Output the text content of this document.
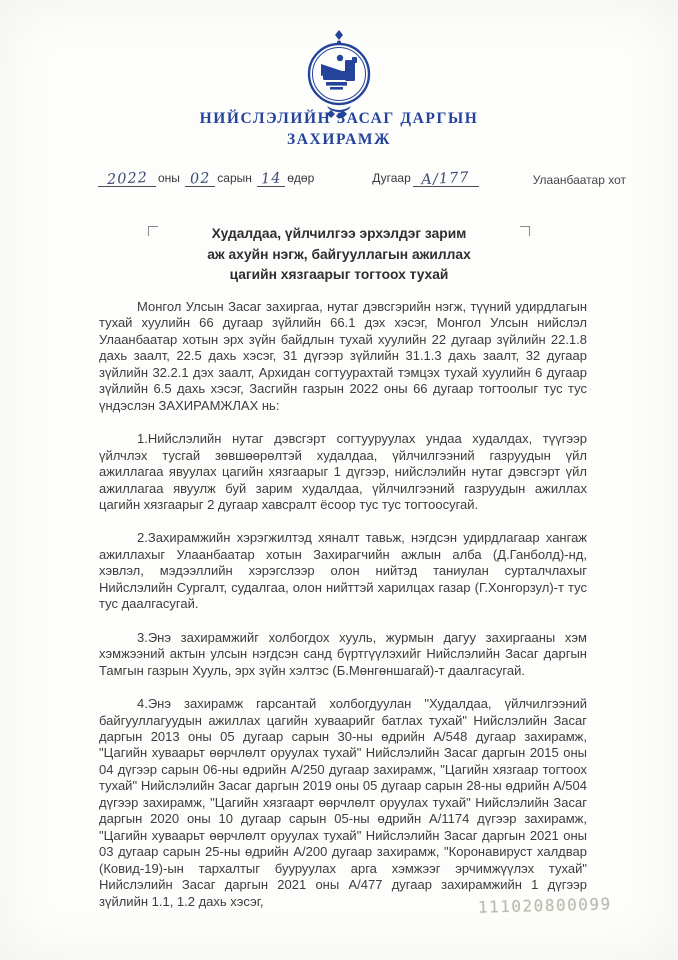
НИЙСЛЭЛИЙН ЗАСАГ ДАРГЫН
ЗАХИРАМЖ
2022 оны 02 сарын 14 өдөр	Дугаар А/177	Улаанбаатар хот
Худалдаа, үйлчилгээ эрхэлдэг зарим
аж ахуйн нэгж, байгууллагын ажиллах
цагийн хязгаарыг тогтоох тухай

Монгол Улсын Засаг захиргаа, нутаг дэвсгэрийн нэгж, түүний удирдлагын тухай хуулийн 66 дугаар зүйлийн 66.1 дэх хэсэг, Монгол Улсын нийслэл Улаанбаатар хотын эрх зүйн байдлын тухай хуулийн 22 дугаар зүйлийн 22.1.8 дахь заалт, 22.5 дахь хэсэг, 31 дүгээр зүйлийн 31.1.3 дахь заалт, 32 дугаар зүйлийн 32.2.1 дэх заалт, Архидан согтуурахтай тэмцэх тухай хуулийн 6 дугаар зүйлийн 6.5 дахь хэсэг, Засгийн газрын 2022 оны 66 дугаар тогтоолыг тус тус үндэслэн ЗАХИРАМЖЛАХ нь:

1.Нийслэлийн нутаг дэвсгэрт согтууруулах ундаа худалдах, түүгээр үйлчлэх тусгай зөвшөөрөлтэй худалдаа, үйлчилгээний газруудын үйл ажиллагаа явуулах цагийн хязгаарыг 1 дүгээр, нийслэлийн нутаг дэвсгэрт үйл ажиллагаа явуулж буй зарим худалдаа, үйлчилгээний газруудын ажиллах цагийн хязгаарыг 2 дугаар хавсралт ёсоор тус тус тогтоосугай.

2.Захирамжийн хэрэгжилтэд хяналт тавьж, нэгдсэн удирдлагаар хангаж ажиллахыг Улаанбаатар хотын Захирагчийн ажлын алба (Д.Ганболд)-нд, хэвлэл, мэдээллийн хэрэгслээр олон нийтэд таниулан сурталчлахыг Нийслэлийн Сургалт, судалгаа, олон нийттэй харилцах газар (Г.Хонгорзул)-т тус тус даалгасугай.

3.Энэ захирамжийг холбогдох хууль, журмын дагуу захиргааны хэм хэмжээний актын улсын нэгдсэн санд бүртгүүлэхийг Нийслэлийн Засаг даргын Тамгын газрын Хууль, эрх зүйн хэлтэс (Б.Мөнгөншагай)-т даалгасугай.

4.Энэ захирамж гарсантай холбогдуулан "Худалдаа, үйлчилгээний байгууллагуудын ажиллах цагийн хуваарийг батлах тухай" Нийслэлийн Засаг даргын 2013 оны 05 дугаар сарын 30-ны өдрийн А/548 дугаар захирамж, "Цагийн хуваарьт өөрчлөлт оруулах тухай" Нийслэлийн Засаг даргын 2015 оны 04 дүгээр сарын 06-ны өдрийн А/250 дугаар захирамж, "Цагийн хязгаар тогтоох тухай" Нийслэлийн Засаг даргын 2019 оны 05 дугаар сарын 28-ны өдрийн А/504 дүгээр захирамж, "Цагийн хязгаарт өөрчлөлт оруулах тухай" Нийслэлийн Засаг даргын 2020 оны 10 дугаар сарын 05-ны өдрийн А/1174 дүгээр захирамж, "Цагийн хуваарьт өөрчлөлт оруулах тухай" Нийслэлийн Засаг даргын 2021 оны 03 дугаар сарын 25-ны өдрийн А/200 дугаар захирамж, "Коронавируст халдвар (Ковид-19)-ын тархалтыг бууруулах арга хэмжээг эрчимжүүлэх тухай" Нийслэлийн Засаг даргын 2021 оны А/477 дугаар захирамжийн 1 дүгээр зүйлийн 1.1, 1.2 дахь хэсэг,	111020800099
